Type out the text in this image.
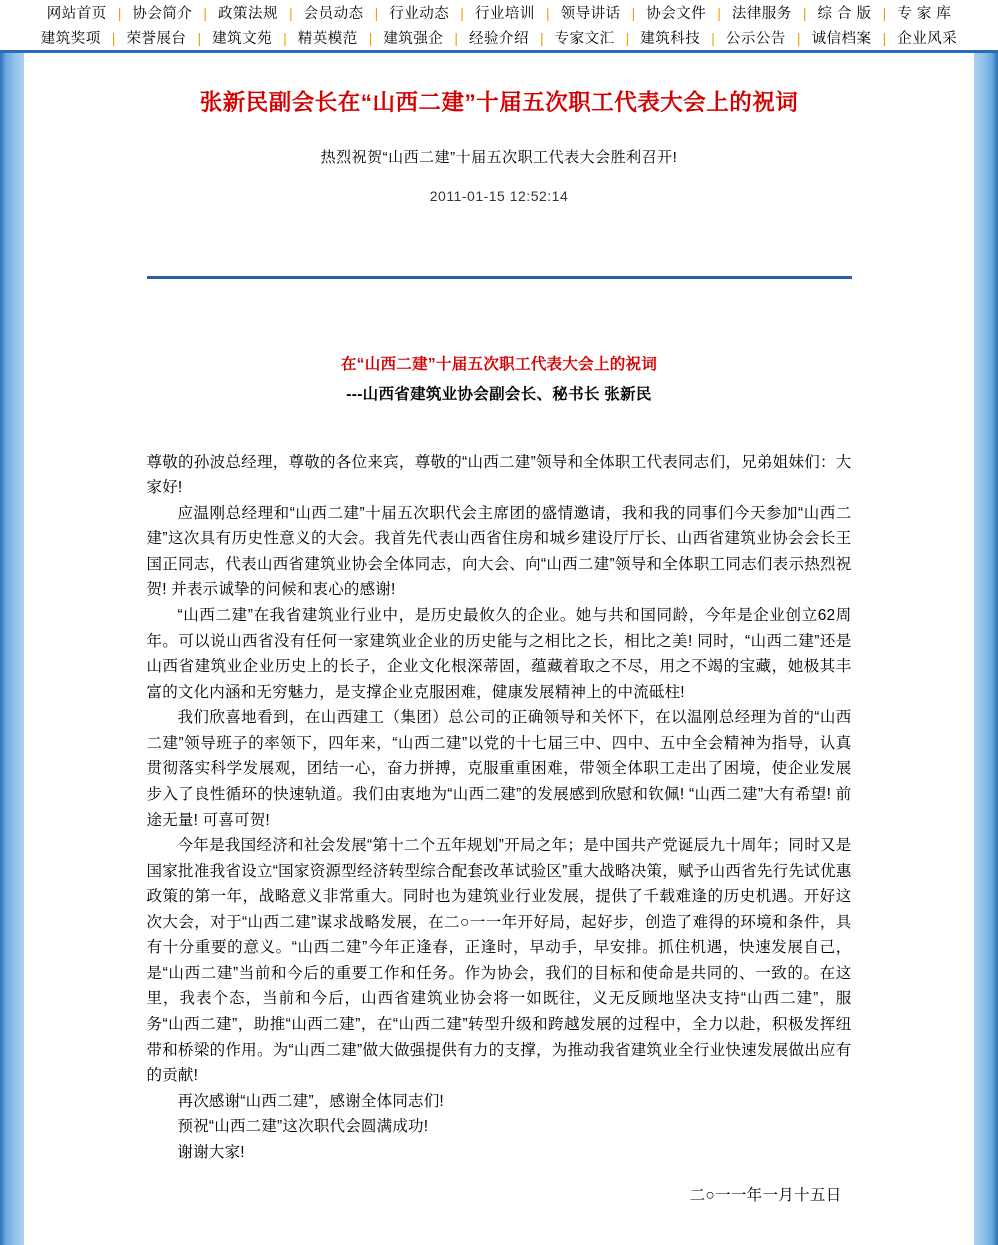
网站首页 | 协会简介 | 政策法规 | 会员动态 | 行业动态 | 行业培训 | 领导讲话 | 协会文件 | 法律服务 | 综 合 版 | 专 家 库
建筑奖项 | 荣誉展台 | 建筑文苑 | 精英模范 | 建筑强企 | 经验介绍 | 专家文汇 | 建筑科技 | 公示公告 | 诚信档案 | 企业风采
张新民副会长在“山西二建”十届五次职工代表大会上的祝词
热烈祝贺“山西二建”十届五次职工代表大会胜利召开!
2011-01-15 12:52:14
在“山西二建”十届五次职工代表大会上的祝词
---山西省建筑业协会副会长、秘书长 张新民

尊敬的孙波总经理，尊敬的各位来宾，尊敬的“山西二建”领导和全体职工代表同志们，兄弟姐妹们：大家好!

应温刚总经理和“山西二建”十届五次职代会主席团的盛情邀请，我和我的同事们今天参加“山西二建”这次具有历史性意义的大会。我首先代表山西省住房和城乡建设厅厅长、山西省建筑业协会会长王国正同志，代表山西省建筑业协会全体同志，向大会、向“山西二建”领导和全体职工同志们表示热烈祝贺! 并表示诚挚的问候和衷心的感谢!

“山西二建”在我省建筑业行业中，是历史最攸久的企业。她与共和国同龄，今年是企业创立62周年。可以说山西省没有任何一家建筑业企业的历史能与之相比之长，相比之美! 同时，“山西二建”还是山西省建筑业企业历史上的长子，企业文化根深蒂固，蕴藏着取之不尽，用之不竭的宝藏，她极其丰富的文化内涵和无穷魅力，是支撑企业克服困难，健康发展精神上的中流砥柱!

我们欣喜地看到，在山西建工（集团）总公司的正确领导和关怀下，在以温刚总经理为首的“山西二建”领导班子的率领下，四年来，“山西二建”以党的十七届三中、四中、五中全会精神为指导，认真贯彻落实科学发展观，团结一心，奋力拼搏，克服重重困难，带领全体职工走出了困境，使企业发展步入了良性循环的快速轨道。我们由衷地为“山西二建”的发展感到欣慰和钦佩! “山西二建”大有希望! 前途无量! 可喜可贺!

今年是我国经济和社会发展“第十二个五年规划”开局之年；是中国共产党诞辰九十周年；同时又是国家批准我省设立“国家资源型经济转型综合配套改革试验区”重大战略决策，赋予山西省先行先试优惠政策的第一年，战略意义非常重大。同时也为建筑业行业发展，提供了千载难逢的历史机遇。开好这次大会，对于“山西二建”谋求战略发展，在二○一一年开好局，起好步，创造了难得的环境和条件，具有十分重要的意义。“山西二建”今年正逢春，正逢时，早动手，早安排。抓住机遇，快速发展自己，是“山西二建”当前和今后的重要工作和任务。作为协会，我们的目标和使命是共同的、一致的。在这里，我表个态，当前和今后，山西省建筑业协会将一如既往，义无反顾地坚决支持“山西二建”，服务“山西二建”，助推“山西二建”，在“山西二建”转型升级和跨越发展的过程中，全力以赴，积极发挥纽带和桥梁的作用。为“山西二建”做大做强提供有力的支撑，为推动我省建筑业全行业快速发展做出应有的贡献!

再次感谢“山西二建”，感谢全体同志们!

预祝“山西二建”这次职代会圆满成功!

谢谢大家!

二○一一年一月十五日
